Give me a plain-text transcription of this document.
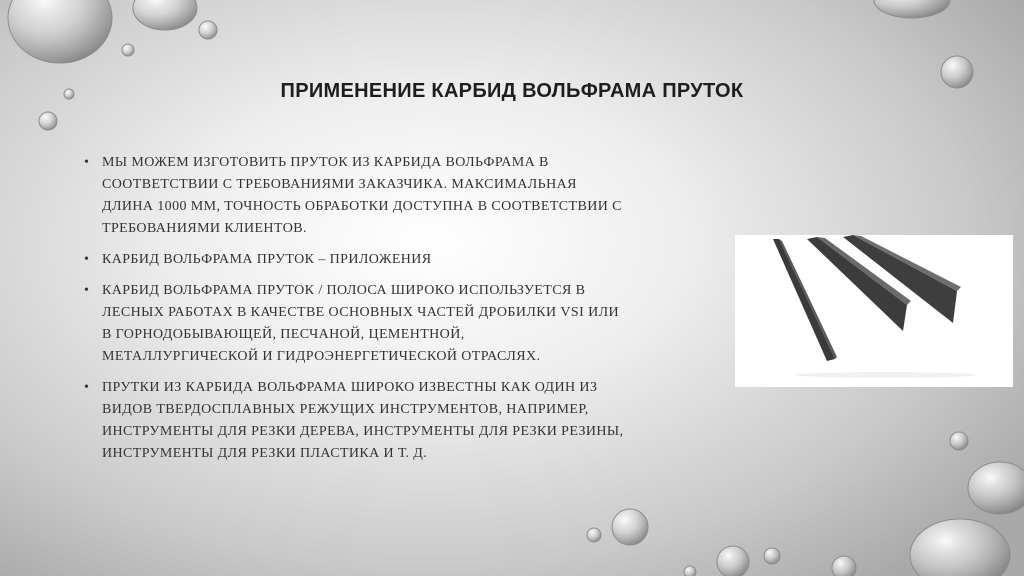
ПРИМЕНЕНИЕ КАРБИД ВОЛЬФРАМА ПРУТОК
• МЫ МОЖЕМ ИЗГОТОВИТЬ ПРУТОК ИЗ КАРБИДА ВОЛЬФРАМА В СООТВЕТСТВИИ С ТРЕБОВАНИЯМИ ЗАКАЗЧИКА. МАКСИМАЛЬНАЯ ДЛИНА 1000 ММ, ТОЧНОСТЬ ОБРАБОТКИ ДОСТУПНА В СООТВЕТСТВИИ С ТРЕБОВАНИЯМИ КЛИЕНТОВ.
• КАРБИД ВОЛЬФРАМА ПРУТОК – ПРИЛОЖЕНИЯ
• КАРБИД ВОЛЬФРАМА ПРУТОК / ПОЛОСА ШИРОКО ИСПОЛЬЗУЕТСЯ В ЛЕСНЫХ РАБОТАХ В КАЧЕСТВЕ ОСНОВНЫХ ЧАСТЕЙ ДРОБИЛКИ VSI ИЛИ В ГОРНОДОБЫВАЮЩЕЙ, ПЕСЧАНОЙ, ЦЕМЕНТНОЙ, МЕТАЛЛУРГИЧЕСКОЙ И ГИДРОЭНЕРГЕТИЧЕСКОЙ ОТРАСЛЯХ.
• ПРУТКИ ИЗ КАРБИДА ВОЛЬФРАМА ШИРОКО ИЗВЕСТНЫ КАК ОДИН ИЗ ВИДОВ ТВЕРДОСПЛАВНЫХ РЕЖУЩИХ ИНСТРУМЕНТОВ, НАПРИМЕР, ИНСТРУМЕНТЫ ДЛЯ РЕЗКИ ДЕРЕВА, ИНСТРУМЕНТЫ ДЛЯ РЕЗКИ РЕЗИНЫ, ИНСТРУМЕНТЫ ДЛЯ РЕЗКИ ПЛАСТИКА И Т. Д.
